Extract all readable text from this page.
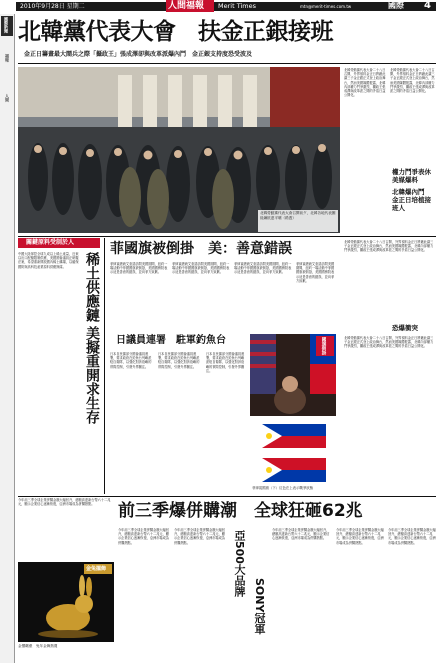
2010年9月28日 星期二	人間福報 Merit Times	mtn@merit-times.com.tw	國際 4
國際新聞
福報
人間
北韓黨代表大會　扶金正銀接班
金正日籌畫最大鬧兵之際「攝政王」張成澤卻與改革派爆內鬥　金正銀支持度恐受波及
北韓勞動黨代表大會召開前夕，北韓各地代表團陸續抵達平壤（路透）
北韓勞動黨代表大會二十八日召開，外界預料金正日將藉此讓三子金正銀正式登上政治舞台，然而美國媒體披露，北韓內部權力鬥爭激烈，攝政王張成澤與改革派之間的矛盾日益公開化。
北韓勞動黨代表大會二十八日召開，外界預料金正日將藉此讓三子金正銀正式登上政治舞台，然而美國媒體披露，北韓內部權力鬥爭激烈，攝政王張成澤與改革派之間的矛盾日益公開化。
權力鬥爭表休　美媒爆料
北韓爆內鬥　金正日培植接班人
關鍵原料受制於人
中國大陸掌控全球九成以上稀土產量，近來以出口配額限制供應，美國國會議員正研擬法案，希望重新開放國內稀土礦場，以確保國防與高科技產業原料供應無虞。	稀土供應鏈
美擬重開求生存
菲國旗被倒掛　美：善意錯誤
菲律賓總統艾奎諾訪問美國期間，紐約一場活動中菲國國旗被倒掛，美國國務院表示這是善意的錯誤，並向菲方致歉。
菲律賓總統艾奎諾訪問美國期間，紐約一場活動中菲國國旗被倒掛，美國國務院表示這是善意的錯誤，並向菲方致歉。
菲律賓總統艾奎諾訪問美國期間，紐約一場活動中菲國國旗被倒掛，美國國務院表示這是善意的錯誤，並向菲方致歉。
菲律賓總統艾奎諾訪問美國期間，紐約一場活動中菲國國旗被倒掛，美國國務院表示這是善意的錯誤，並向菲方致歉。
北韓勞動黨代表大會二十八日召開，外界預料金正日將藉此讓三子金正銀正式登上政治舞台，然而美國媒體披露，北韓內部權力鬥爭激烈，攝政王張成澤與改革派之間的矛盾日益公開化。
恐爆衝突
北韓勞動黨代表大會二十八日召開，外界預料金正日將藉此讓三子金正銀正式登上政治舞台，然而美國媒體披露，北韓內部權力鬥爭激烈，攝政王張成澤與改革派之間的矛盾日益公開化。
日議員連署　駐軍釣魚台
日本自民黨部分國會議員連署，要求政府在釣魚台列嶼派駐自衛隊，以強化對該島嶼的實際控制，引發外界關注。
日本自民黨部分國會議員連署，要求政府在釣魚台列嶼派駐自衛隊，以強化對該島嶼的實際控制，引發外界關注。
日本自民黨部分國會議員連署，要求政府在釣魚台列嶼派駐自衛隊，以強化對該島嶼的實際控制，引發外界關注。
國旗倒掛
菲律賓國旗（下）紅色在上表示戰爭狀態
前三季爆併購潮　全球狂砸62兆
今年前三季全球企業併購金額大幅回升，總額高達新台幣六十二兆元，顯示企業信心逐漸恢復，亞洲市場成為併購熱點。
金兔擺飾
金價飆漲　兔年金飾熱賣
今年前三季全球企業併購金額大幅回升，總額高達新台幣六十二兆元，顯示企業信心逐漸恢復，亞洲市場成為併購熱點。
今年前三季全球企業併購金額大幅回升，總額高達新台幣六十二兆元，顯示企業信心逐漸恢復，亞洲市場成為併購熱點。	亞500大品牌
SONY冠軍
今年前三季全球企業併購金額大幅回升，總額高達新台幣六十二兆元，顯示企業信心逐漸恢復，亞洲市場成為併購熱點。
今年前三季全球企業併購金額大幅回升，總額高達新台幣六十二兆元，顯示企業信心逐漸恢復，亞洲市場成為併購熱點。
今年前三季全球企業併購金額大幅回升，總額高達新台幣六十二兆元，顯示企業信心逐漸恢復，亞洲市場成為併購熱點。
